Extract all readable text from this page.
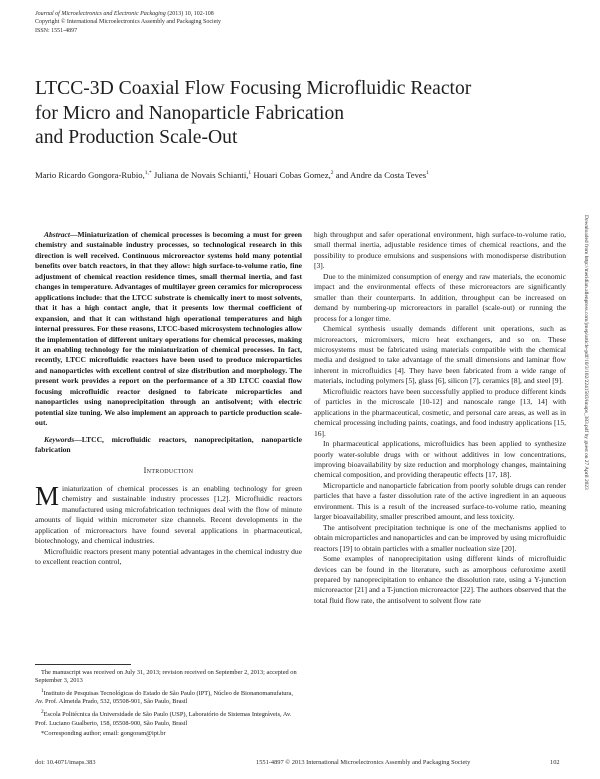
Journal of Microelectronics and Electronic Packaging (2013) 10, 102-108
Copyright © International Microelectronics Assembly and Packaging Society
ISSN: 1551-4897
LTCC-3D Coaxial Flow Focusing Microfluidic Reactor
for Micro and Nanoparticle Fabrication
and Production Scale-Out
Mario Ricardo Gongora-Rubio,$^{1,*}$ Juliana de Novais Schianti,$^1$ Houari Cobas Gomez,$^2$ and Andre da Costa Teves$^1$

Abstract—Miniaturization of chemical processes is becoming a must for green chemistry and sustainable industry processes, so technological research in this direction is well received. Continuous microreactor systems hold many potential benefits over batch reactors, in that they allow: high surface-to-volume ratio, fine adjustment of chemical reaction residence times, small thermal inertia, and fast changes in temperature. Advantages of multilayer green ceramics for microprocess applications include: that the LTCC substrate is chemically inert to most solvents, that it has a high contact angle, that it presents low thermal coefficient of expansion, and that it can withstand high operational temperatures and high internal pressures. For these reasons, LTCC-based microsystem technologies allow the implementation of different unitary operations for chemical processes, making it an enabling technology for the miniaturization of chemical processes. In fact, recently, LTCC microfluidic reactors have been used to produce microparticles and nanoparticles with excellent control of size distribution and morphology. The present work provides a report on the performance of a 3D LTCC coaxial flow focusing microfluidic reactor designed to fabricate microparticles and nanoparticles using nanoprecipitation through an antisolvent; with electric potential size tuning. We also implement an approach to particle production scale-out.

Keywords—LTCC, microfluidic reactors, nanoprecipitation, nanoparticle fabrication

Introduction

Miniaturization of chemical processes is an enabling technology for green chemistry and sustainable industry processes [1,2]. Microfluidic reactors manufactured using microfabrication techniques deal with the flow of minute amounts of liquid within micrometer size channels. Recent developments in the application of microreactors have found several applications in pharmaceutical, biotechnology, and chemical industries.

Microfluidic reactors present many potential advantages in the chemical industry due to excellent reaction control,

high throughput and safer operational environment, high surface-to-volume ratio, small thermal inertia, adjustable residence times of chemical reactions, and the possibility to produce emulsions and suspensions with monodisperse distribution [3].

Due to the minimized consumption of energy and raw materials, the economic impact and the environmental effects of these microreactors are significantly smaller than their counterparts. In addition, throughput can be increased on demand by numbering-up microreactors in parallel (scale-out) or running the process for a longer time.

Chemical synthesis usually demands different unit operations, such as microreactors, micromixers, micro heat exchangers, and so on. These microsystems must be fabricated using materials compatible with the chemical media and designed to take advantage of the small dimensions and laminar flow inherent in microfluidics [4]. They have been fabricated from a wide range of materials, including polymers [5], glass [6], silicon [7], ceramics [8], and steel [9].

Microfluidic reactors have been successfully applied to produce different kinds of particles in the microscale [10-12] and nanoscale range [13, 14] with applications in the pharmaceutical, cosmetic, and personal care areas, as well as in chemical processing including paints, coatings, and food industry applications [15, 16].

In pharmaceutical applications, microfluidics has been applied to synthesize poorly water-soluble drugs with or without additives in low concentrations, improving bioavailability by size reduction and morphology changes, maintaining chemical composition, and providing therapeutic effects [17, 18].

Microparticle and nanoparticle fabrication from poorly soluble drugs can render particles that have a faster dissolution rate of the active ingredient in an aqueous environment. This is a result of the increased surface-to-volume ratio, meaning larger bioavailability, smaller prescribed amount, and less toxicity.

The antisolvent precipitation technique is one of the mechanisms applied to obtain microparticles and nanoparticles and can be improved by using microfluidic reactors [19] to obtain particles with a smaller nucleation size [20].

Some examples of nanoprecipitation using different kinds of microfluidic devices can be found in the literature, such as amorphous cefuroxime axetil prepared by nanoprecipitation to enhance the dissolution rate, using a Y-junction microreactor [21] and a T-junction microreactor [22]. The authors observed that the total fluid flow rate, the antisolvent to solvent flow rate

The manuscript was received on July 31, 2013; revision received on September 2, 2013; accepted on September 3, 2013

$^1$Instituto de Pesquisas Tecnológicas do Estado de São Paulo (IPT), Núcleo de Bionanomanufatura, Av. Prof. Almeida Prado, 532, 05508-901, São Paulo, Brasil

$^2$Escola Politécnica da Universidade de São Paulo (USP), Laboratório de Sistemas Integráveis, Av. Prof. Luciano Gualberto, 158, 05508-900, São Paulo, Brasil

*Corresponding author; email: gongoram@ipt.br

doi: 10.4071/imaps.383	1551-4897 © 2013 International Microelectronics Assembly and Packaging Society	102
Downloaded from http://meridian.allenpress.com/jmep/article-pdf/10/3/102/2241583/imaps_383.pdf by guest on 27 April 2023
